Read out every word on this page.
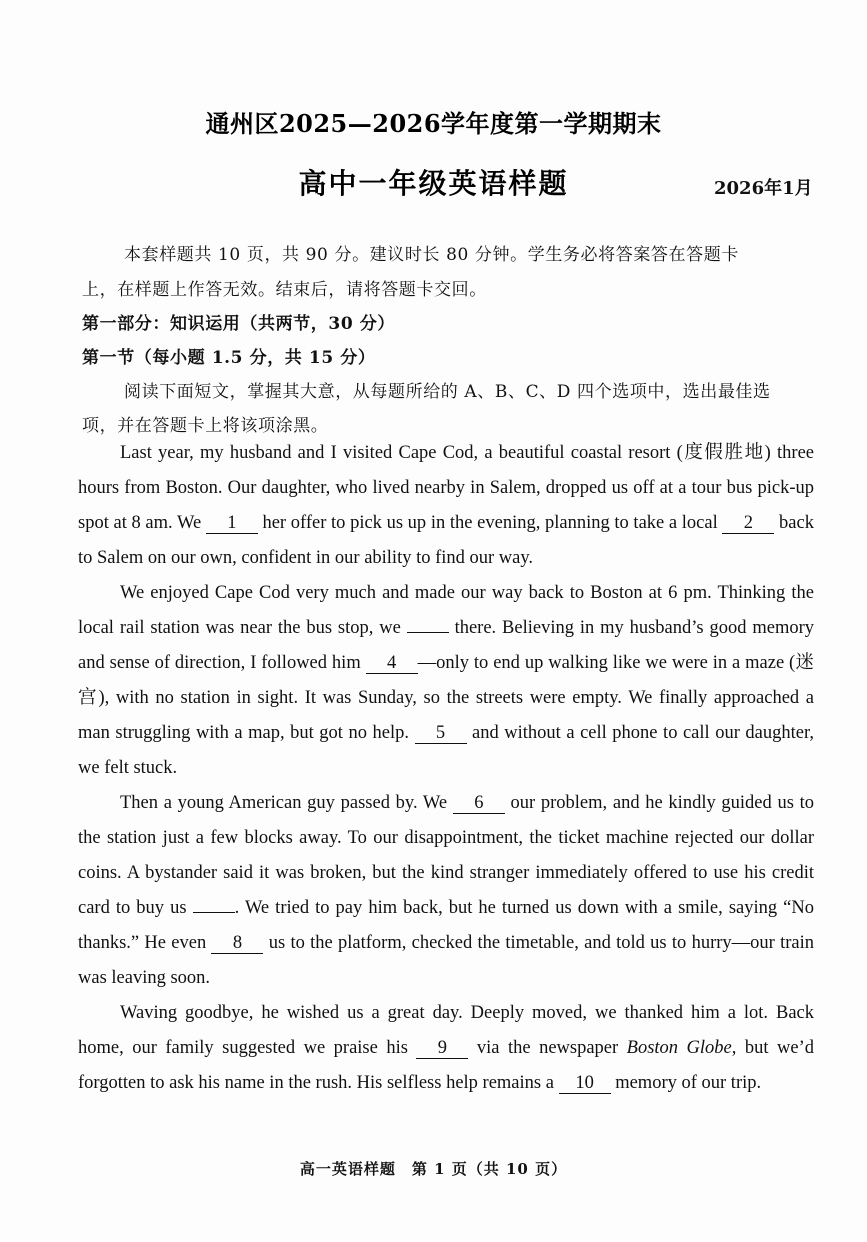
通州区2025—2026学年度第一学期期末
高中一年级英语样题	2026年1月
本套样题共 10 页，共 90 分。建议时长 80 分钟。学生务必将答案答在答题卡
上，在样题上作答无效。结束后，请将答题卡交回。
第一部分：知识运用（共两节，30 分）
第一节（每小题 1.5 分，共 15 分）
阅读下面短文，掌握其大意，从每题所给的 A、B、C、D 四个选项中，选出最佳选
项，并在答题卡上将该项涂黑。

Last year, my husband and I visited Cape Cod, a beautiful coastal resort (度假胜地) three hours from Boston. Our daughter, who lived nearby in Salem, dropped us off at a tour bus pick-up spot at 8 am. We 1 her offer to pick us up in the evening, planning to take a local 2 back to Salem on our own, confident in our ability to find our way.

We enjoyed Cape Cod very much and made our way back to Boston at 6 pm. Thinking the local rail station was near the bus stop, we  there. Believing in my husband’s good memory and sense of direction, I followed him 4 —only to end up walking like we were in a maze (迷宫), with no station in sight. It was Sunday, so the streets were empty. We finally approached a man struggling with a map, but got no help. 5 and without a cell phone to call our daughter, we felt stuck.

Then a young American guy passed by. We 6 our problem, and he kindly guided us to the station just a few blocks away. To our disappointment, the ticket machine rejected our dollar coins. A bystander said it was broken, but the kind stranger immediately offered to use his credit card to buy us . We tried to pay him back, but he turned us down with a smile, saying “No thanks.” He even 8 us to the platform, checked the timetable, and told us to hurry—our train was leaving soon.

Waving goodbye, he wished us a great day. Deeply moved, we thanked him a lot. Back home, our family suggested we praise his 9 via the newspaper Boston Globe, but we’d forgotten to ask his name in the rush. His selfless help remains a 10 memory of our trip.

高一英语样题　第 1 页（共 10 页）
